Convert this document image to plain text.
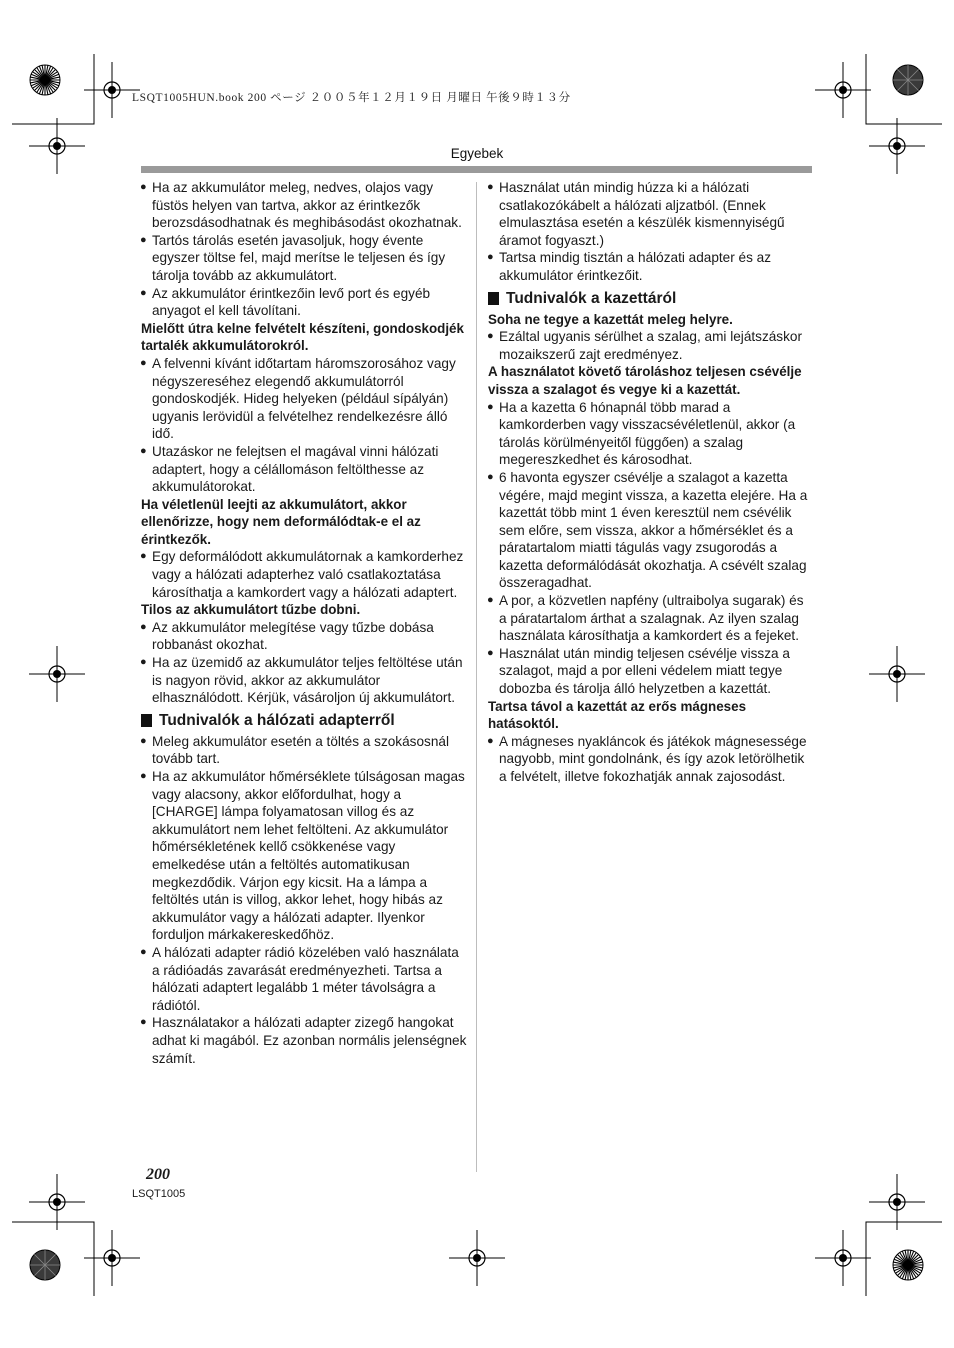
LSQT1005HUN.book 200 ページ ２００５年１２月１９日 月曜日 午後９時１３分
Egyebek

● Ha az akkumulátor meleg, nedves, olajos vagy füstös helyen van tartva, akkor az érintkezők berozsdásodhatnak és meghibásodást okozhatnak.

● Tartós tárolás esetén javasoljuk, hogy évente egyszer töltse fel, majd merítse le teljesen és így tárolja tovább az akkumulátort.

● Az akkumulátor érintkezőin levő port és egyéb anyagot el kell távolítani.

Mielőtt útra kelne felvételt készíteni, gondoskodjék tartalék akkumulátorokról.

● A felvenni kívánt időtartam háromszorosához vagy négyszereséhez elegendő akkumulátorról gondoskodjék. Hideg helyeken (például sípályán) ugyanis lerövidül a felvételhez rendelkezésre álló idő.

● Utazáskor ne felejtsen el magával vinni hálózati adaptert, hogy a célállomáson feltölthesse az akkumulátorokat.

Ha véletlenül leejti az akkumulátort, akkor ellenőrizze, hogy nem deformálódtak-e el az érintkezők.

● Egy deformálódott akkumulátornak a kamkorderhez vagy a hálózati adapterhez való csatlakoztatása károsíthatja a kamkordert vagy a hálózati adaptert.

Tilos az akkumulátort tűzbe dobni.

● Az akkumulátor melegítése vagy tűzbe dobása robbanást okozhat.

● Ha az üzemidő az akkumulátor teljes feltöltése után is nagyon rövid, akkor az akkumulátor elhasználódott. Kérjük, vásároljon új akkumulátort.

Tudnivalók a hálózati adapterről

● Meleg akkumulátor esetén a töltés a szokásosnál tovább tart.

● Ha az akkumulátor hőmérséklete túlságosan magas vagy alacsony, akkor előfordulhat, hogy a [CHARGE] lámpa folyamatosan villog és az akkumulátort nem lehet feltölteni. Az akkumulátor hőmérsékletének kellő csökkenése vagy emelkedése után a feltöltés automatikusan megkezdődik. Várjon egy kicsit. Ha a lámpa a feltöltés után is villog, akkor lehet, hogy hibás az akkumulátor vagy a hálózati adapter. Ilyenkor forduljon márkakereskedőhöz.

● A hálózati adapter rádió közelében való használata a rádióadás zavarását eredményezheti. Tartsa a hálózati adaptert legalább 1 méter távolságra a rádiótól.

● Használatakor a hálózati adapter zizegő hangokat adhat ki magából. Ez azonban normális jelenségnek számít.

● Használat után mindig húzza ki a hálózati csatlakozókábelt a hálózati aljzatból. (Ennek elmulasztása esetén a készülék kismennyiségű áramot fogyaszt.)

● Tartsa mindig tisztán a hálózati adapter és az akkumulátor érintkezőit.

Tudnivalók a kazettáról

Soha ne tegye a kazettát meleg helyre.

● Ezáltal ugyanis sérülhet a szalag, ami lejátszáskor mozaikszerű zajt eredményez.

A használatot követő tároláshoz teljesen csévélje vissza a szalagot és vegye ki a kazettát.

● Ha a kazetta 6 hónapnál több marad a kamkorderben vagy visszacsévéletlenül, akkor (a tárolás körülményeitől függően) a szalag megereszkedhet és károsodhat.

● 6 havonta egyszer csévélje a szalagot a kazetta végére, majd megint vissza, a kazetta elejére. Ha a kazettát több mint 1 éven keresztül nem csévélik sem előre, sem vissza, akkor a hőmérséklet és a páratartalom miatti tágulás vagy zsugorodás a kazetta deformálódását okozhatja. A csévélt szalag összeragadhat.

● A por, a közvetlen napfény (ultraibolya sugarak) és a páratartalom árthat a szalagnak. Az ilyen szalag használata károsíthatja a kamkordert és a fejeket.

● Használat után mindig teljesen csévélje vissza a szalagot, majd a por elleni védelem miatt tegye dobozba és tárolja álló helyzetben a kazettát.

Tartsa távol a kazettát az erős mágneses hatásoktól.

● A mágneses nyakláncok és játékok mágnesessége nagyobb, mint gondolnánk, és így azok letörölhetik a felvételt, illetve fokozhatják annak zajosodást.

200
LSQT1005
